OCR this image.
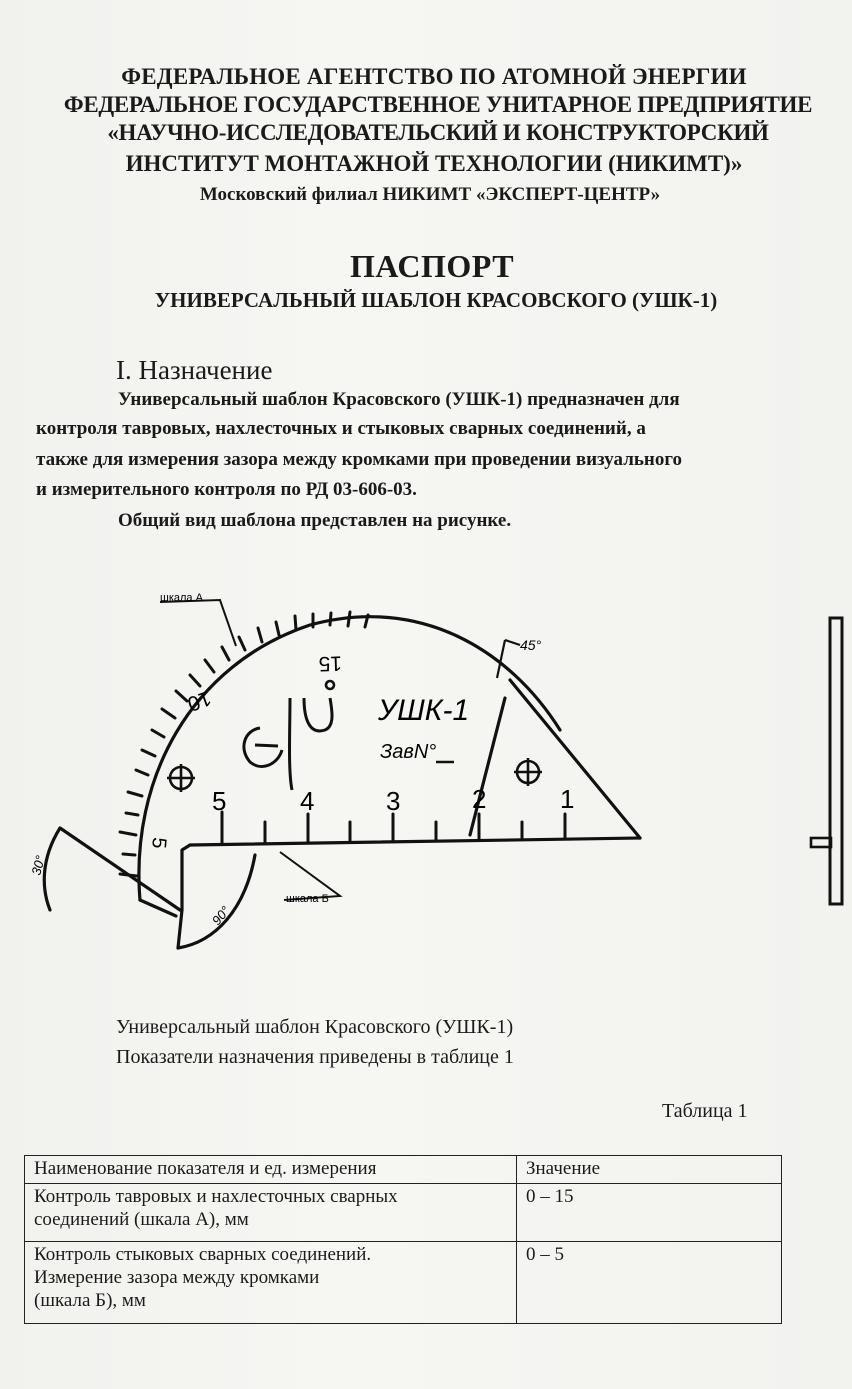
ФЕДЕРАЛЬНОЕ АГЕНТСТВО ПО АТОМНОЙ ЭНЕРГИИ
ФЕДЕРАЛЬНОЕ ГОСУДАРСТВЕННОЕ УНИТАРНОЕ ПРЕДПРИЯТИЕ
«НАУЧНО-ИССЛЕДОВАТЕЛЬСКИЙ И КОНСТРУКТОРСКИЙ
ИНСТИТУТ МОНТАЖНОЙ ТЕХНОЛОГИИ (НИКИМТ)»
Московский филиал НИКИМТ «ЭКСПЕРТ-ЦЕНТР»
ПАСПОРТ
УНИВЕРСАЛЬНЫЙ ШАБЛОН КРАСОВСКОГО (УШК-1)
I. Назначение
Универсальный шаблон Красовского (УШК-1) предназначен для
контроля тавровых, нахлесточных и стыковых сварных соединений, а
также для измерения зазора между кромками при проведении визуального
и измерительного контроля по РД 03-606-03.
Общий вид шаблона представлен на рисунке.
шкала А
шкала Б
45°
30°
90°
УШК-1
ЗавN°
10
15
5
5	4	3	2	1
Универсальный шаблон Красовского (УШК-1)
Показатели назначения приведены в таблице 1
Таблица 1
Наименование показателя и ед. измерения	Значение

Контроль тавровых и нахлесточных сварных
соединений (шкала А), мм	0 – 15

Контроль стыковых сварных соединений.
Измерение зазора между кромками
(шкала Б), мм	0 – 5
